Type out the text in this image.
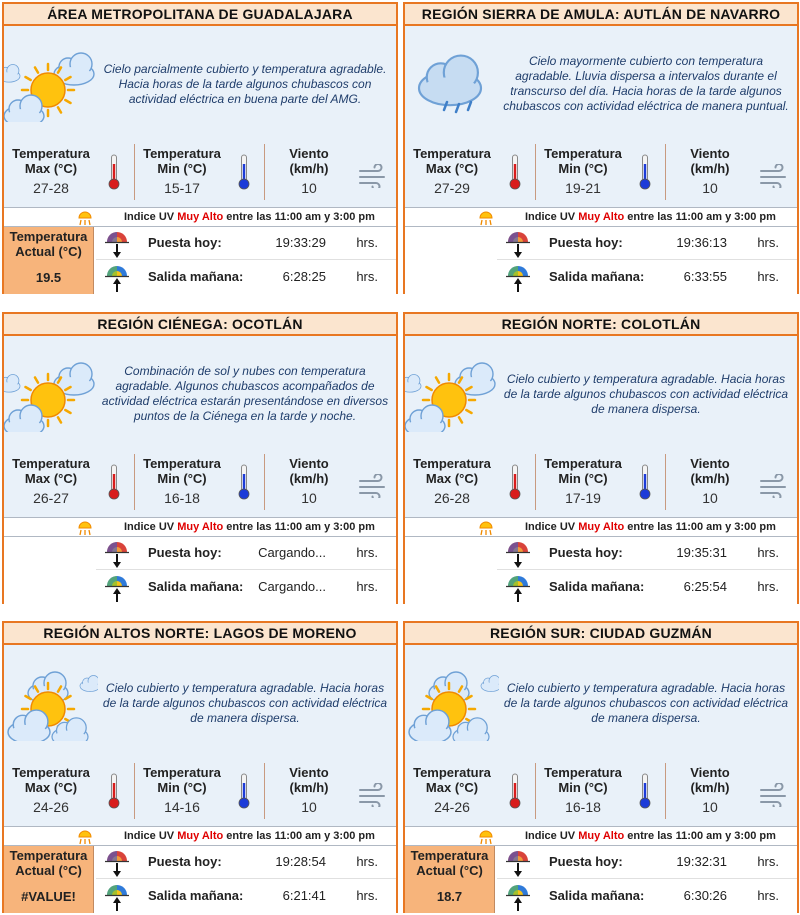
ÁREA METROPOLITANA DE GUADALAJARA
Cielo parcialmente cubierto y temperatura agradable. Hacia horas de la tarde algunos chubascos con actividad eléctrica en buena parte del AMG.
Temperatura
Max (°C)
27-28
Temperatura
Min (°C)
15-17
Viento
(km/h)
10
Indice UV Muy Alto entre las 11:00 am y 3:00 pm
Temperatura
Actual (°C)
19.5
Puesta hoy:	19:33:29 hrs.
Salida mañana:	6:28:25 hrs.
REGIÓN SIERRA DE AMULA: AUTLÁN DE NAVARRO
Cielo mayormente cubierto con temperatura agradable. Lluvia dispersa a intervalos durante el transcurso del día. Hacia horas de la tarde algunos chubascos con actividad eléctrica de manera puntual.
Temperatura
Max (°C)
27-29
Temperatura
Min (°C)
19-21
Viento
(km/h)
10
Indice UV Muy Alto entre las 11:00 am y 3:00 pm
Puesta hoy:	19:36:13 hrs.
Salida mañana:	6:33:55 hrs.
REGIÓN CIÉNEGA: OCOTLÁN
Combinación de sol y nubes con temperatura agradable. Algunos chubascos acompañados de actividad eléctrica estarán presentándose en diversos puntos de la Ciénega en la tarde y noche.
Temperatura
Max (°C)
26-27
Temperatura
Min (°C)
16-18
Viento
(km/h)
10
Indice UV Muy Alto entre las 11:00 am y 3:00 pm
Puesta hoy:	Cargando... hrs.
Salida mañana: Cargando... hrs.
REGIÓN NORTE: COLOTLÁN
Cielo cubierto y temperatura agradable. Hacia horas de la tarde algunos chubascos con actividad eléctrica de manera dispersa.
Temperatura
Max (°C)
26-28
Temperatura
Min (°C)
17-19
Viento
(km/h)
10
Indice UV Muy Alto entre las 11:00 am y 3:00 pm
Puesta hoy:	19:35:31 hrs.
Salida mañana:	6:25:54 hrs.
REGIÓN ALTOS NORTE: LAGOS DE MORENO
Cielo cubierto y temperatura agradable. Hacia horas de la tarde algunos chubascos con actividad eléctrica de manera dispersa.
Temperatura
Max (°C)
24-26
Temperatura
Min (°C)
14-16
Viento
(km/h)
10
Indice UV Muy Alto entre las 11:00 am y 3:00 pm
Temperatura
Actual (°C)
#VALUE!
Puesta hoy:	19:28:54 hrs.
Salida mañana:	6:21:41 hrs.
REGIÓN SUR: CIUDAD GUZMÁN
Cielo cubierto y temperatura agradable. Hacia horas de la tarde algunos chubascos con actividad eléctrica de manera dispersa.
Temperatura
Max (°C)
24-26
Temperatura
Min (°C)
16-18
Viento
(km/h)
10
Indice UV Muy Alto entre las 11:00 am y 3:00 pm
Temperatura
Actual (°C)
18.7
Puesta hoy:	19:32:31 hrs.
Salida mañana:	6:30:26 hrs.
